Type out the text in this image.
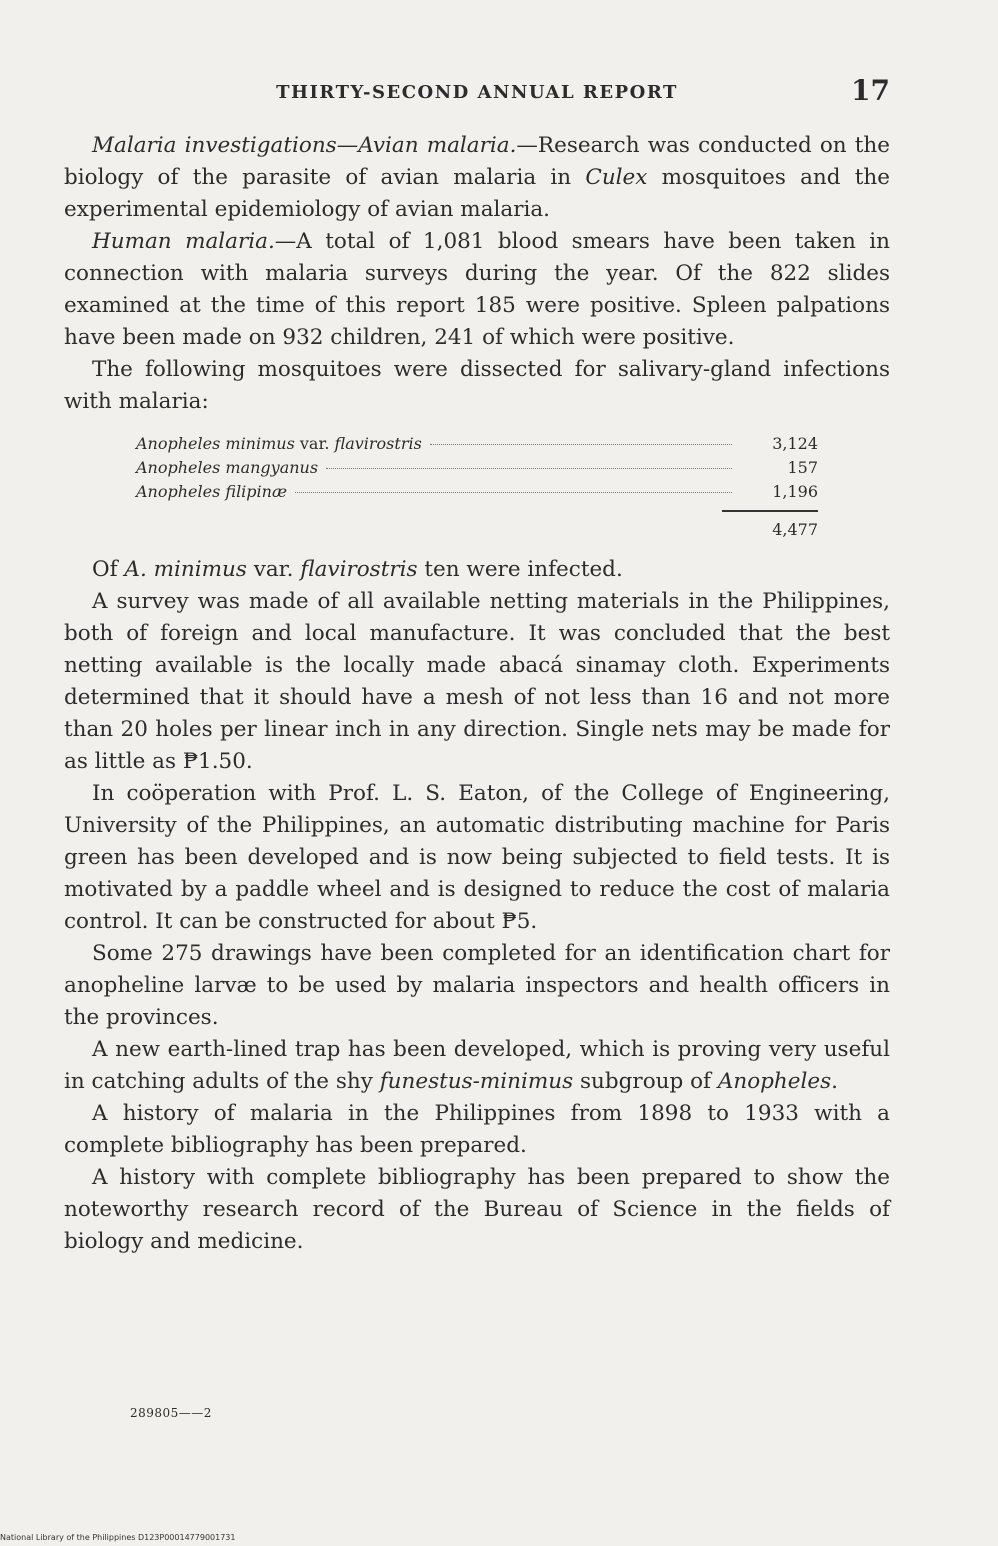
THIRTY-SECOND ANNUAL REPORT	17

Malaria investigations—Avian malaria.—Research was conducted on the biology of the parasite of avian malaria in Culex mosquitoes and the experimental epidemiology of avian malaria.

Human malaria.—A total of 1,081 blood smears have been taken in connection with malaria surveys during the year. Of the 822 slides examined at the time of this report 185 were positive. Spleen palpations have been made on 932 children, 241 of which were positive.

The following mosquitoes were dissected for salivary-gland infections with malaria:

Anopheles minimus var. flavirostris	3,124
Anopheles mangyanus	157
Anopheles filipinæ	1,196
4,477

Of A. minimus var. flavirostris ten were infected.

A survey was made of all available netting materials in the Philippines, both of foreign and local manufacture. It was concluded that the best netting available is the locally made abacá sinamay cloth. Experiments determined that it should have a mesh of not less than 16 and not more than 20 holes per linear inch in any direction. Single nets may be made for as little as ₱1.50.

In coöperation with Prof. L. S. Eaton, of the College of Engineering, University of the Philippines, an automatic distributing machine for Paris green has been developed and is now being subjected to field tests. It is motivated by a paddle wheel and is designed to reduce the cost of malaria control. It can be constructed for about ₱5.

Some 275 drawings have been completed for an identification chart for anopheline larvæ to be used by malaria inspectors and health officers in the provinces.

A new earth-lined trap has been developed, which is proving very useful in catching adults of the shy funestus-minimus subgroup of Anopheles.

A history of malaria in the Philippines from 1898 to 1933 with a complete bibliography has been prepared.

A history with complete bibliography has been prepared to show the noteworthy research record of the Bureau of Science in the fields of biology and medicine.

289805——2
National Library of the Philippines D123P00014779001731
